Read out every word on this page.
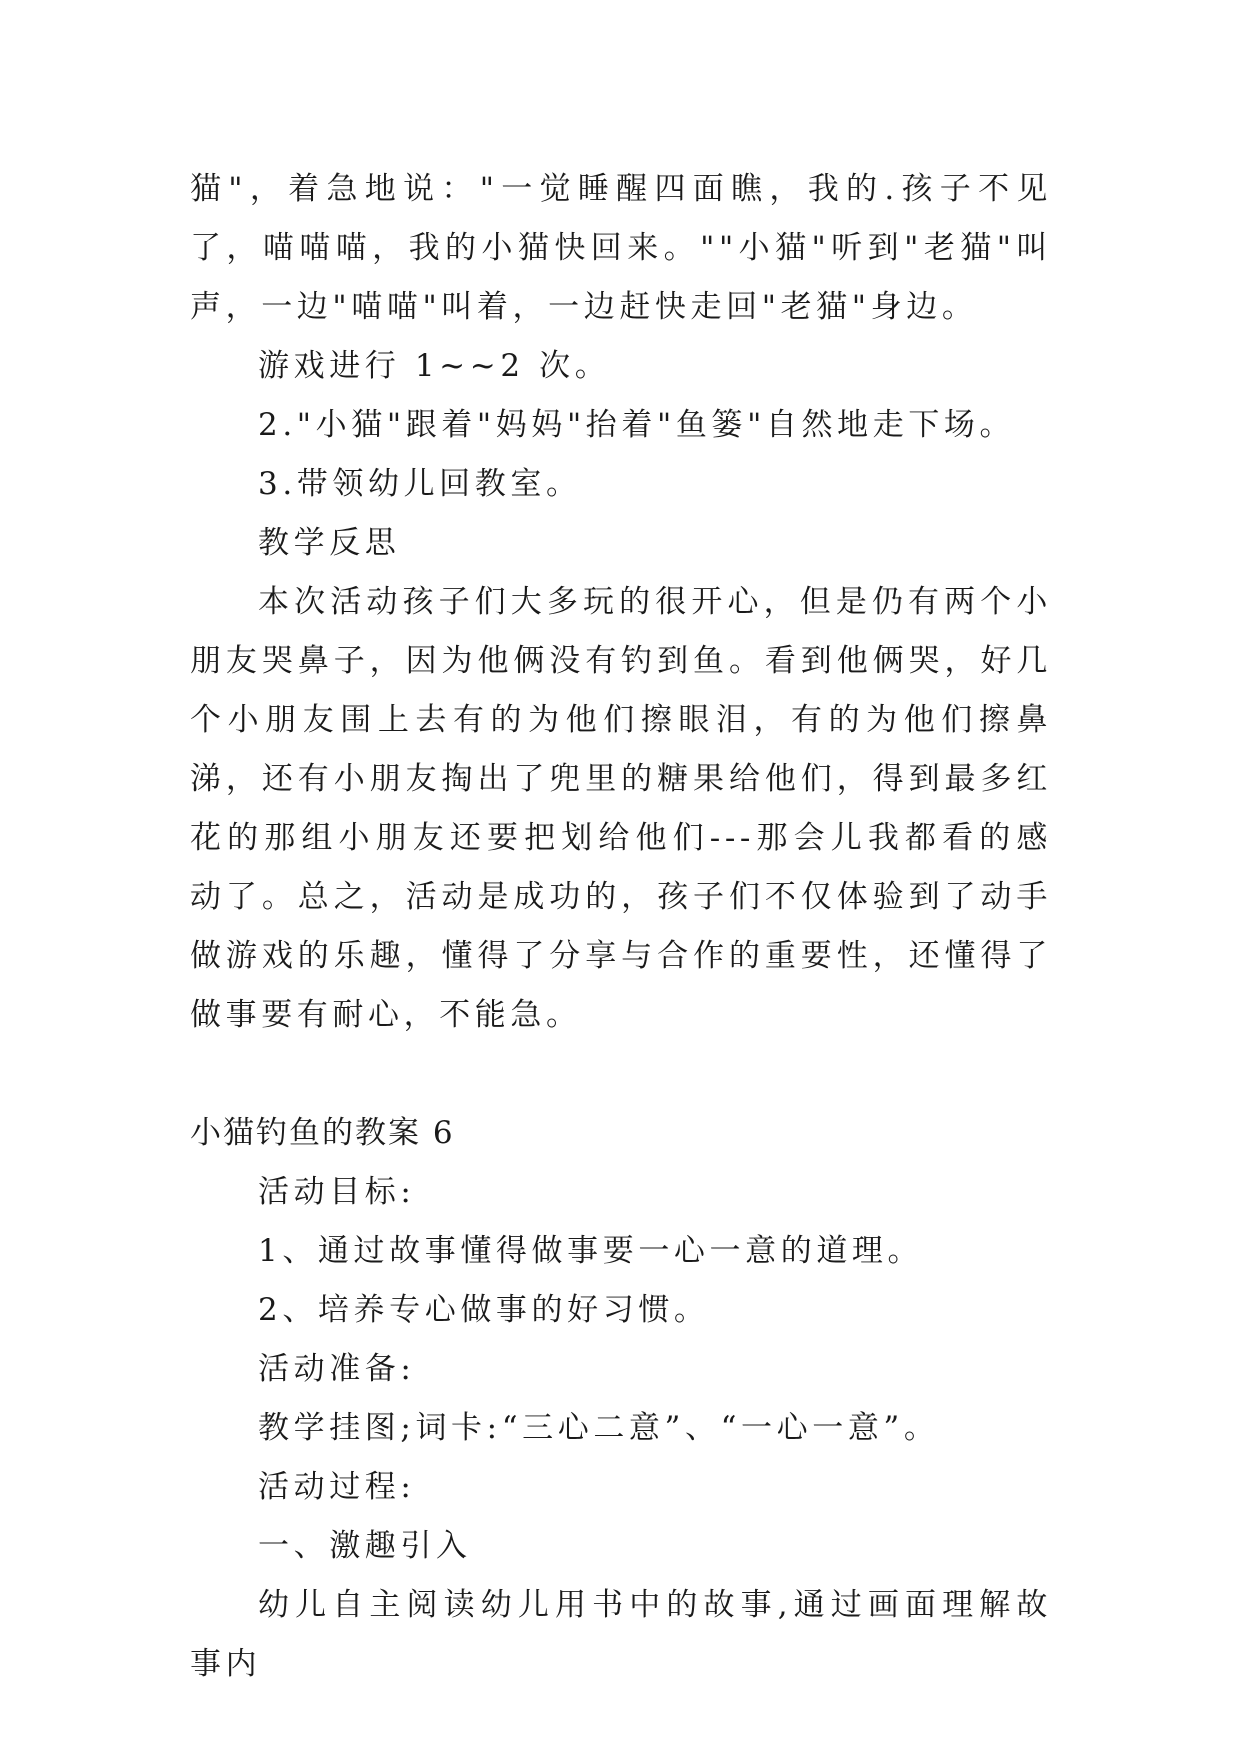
猫"，着急地说："一觉睡醒四面瞧，我的.孩子不见了，喵喵喵，我的小猫快回来。""小猫"听到"老猫"叫声，一边"喵喵"叫着，一边赶快走回"老猫"身边。

游戏进行 1~~2 次。

2."小猫"跟着"妈妈"抬着"鱼篓"自然地走下场。

3.带领幼儿回教室。

教学反思

本次活动孩子们大多玩的很开心，但是仍有两个小朋友哭鼻子，因为他俩没有钓到鱼。看到他俩哭，好几个小朋友围上去有的为他们擦眼泪，有的为他们擦鼻涕，还有小朋友掏出了兜里的糖果给他们，得到最多红花的那组小朋友还要把划给他们---那会儿我都看的感动了。总之，活动是成功的，孩子们不仅体验到了动手做游戏的乐趣，懂得了分享与合作的重要性，还懂得了做事要有耐心，不能急。

小猫钓鱼的教案 6

活动目标:

1、通过故事懂得做事要一心一意的道理。

2、培养专心做事的好习惯。

活动准备:

教学挂图;词卡:“三心二意”、“一心一意”。

活动过程:

一、激趣引入

幼儿自主阅读幼儿用书中的故事,通过画面理解故事内
